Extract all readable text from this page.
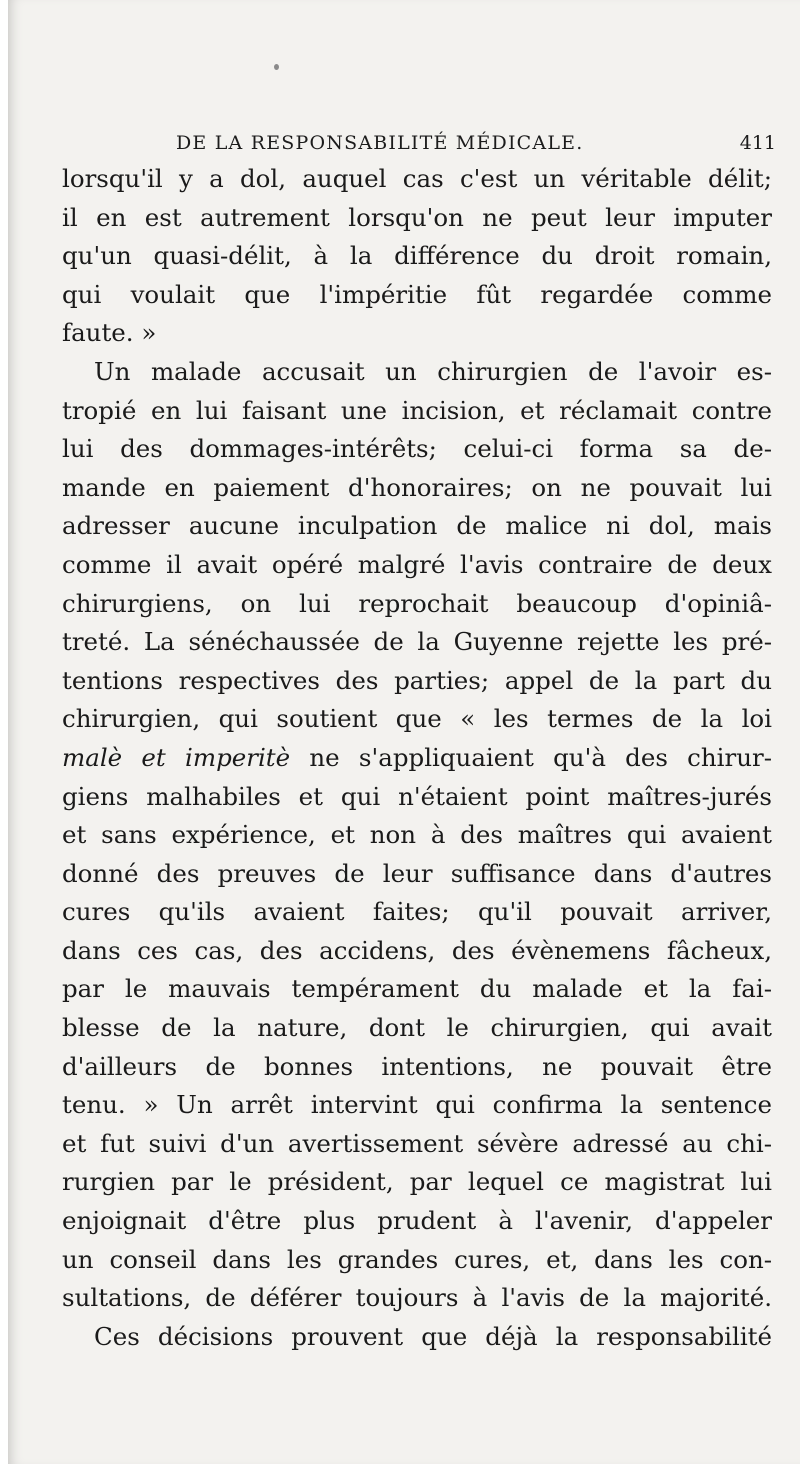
DE LA RESPONSABILITÉ MÉDICALE.	411
lorsqu'il y a dol, auquel cas c'est un véritable délit;
il en est autrement lorsqu'on ne peut leur imputer
qu'un quasi-délit, à la différence du droit romain,
qui voulait que l'impéritie fût regardée comme
faute. »
Un malade accusait un chirurgien de l'avoir es-
tropié en lui faisant une incision, et réclamait contre
lui des dommages-intérêts; celui-ci forma sa de-
mande en paiement d'honoraires; on ne pouvait lui
adresser aucune inculpation de malice ni dol, mais
comme il avait opéré malgré l'avis contraire de deux
chirurgiens, on lui reprochait beaucoup d'opiniâ-
treté. La sénéchaussée de la Guyenne rejette les pré-
tentions respectives des parties; appel de la part du
chirurgien, qui soutient que « les termes de la loi
malè et imperitè ne s'appliquaient qu'à des chirur-
giens malhabiles et qui n'étaient point maîtres-jurés
et sans expérience, et non à des maîtres qui avaient
donné des preuves de leur suffisance dans d'autres
cures qu'ils avaient faites; qu'il pouvait arriver,
dans ces cas, des accidens, des évènemens fâcheux,
par le mauvais tempérament du malade et la fai-
blesse de la nature, dont le chirurgien, qui avait
d'ailleurs de bonnes intentions, ne pouvait être
tenu. » Un arrêt intervint qui confirma la sentence
et fut suivi d'un avertissement sévère adressé au chi-
rurgien par le président, par lequel ce magistrat lui
enjoignait d'être plus prudent à l'avenir, d'appeler
un conseil dans les grandes cures, et, dans les con-
sultations, de déférer toujours à l'avis de la majorité.
Ces décisions prouvent que déjà la responsabilité
